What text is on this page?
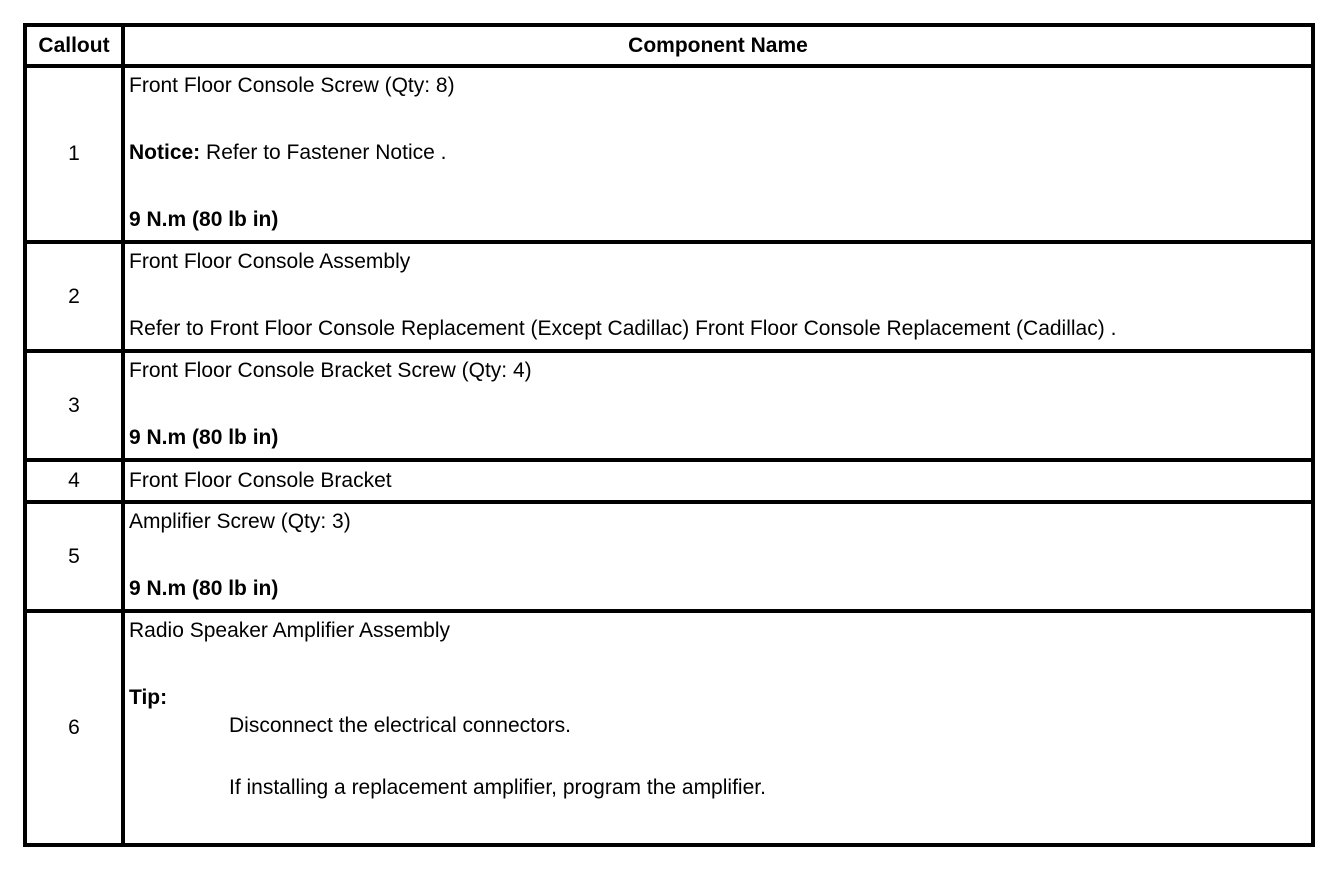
Callout	Component Name
1	Front Floor Console Screw (Qty: 8)
Notice: Refer to Fastener Notice .
9 N.m (80 lb in)

2	Front Floor Console Assembly
Refer to Front Floor Console Replacement (Except Cadillac) Front Floor Console Replacement (Cadillac) .

3	Front Floor Console Bracket Screw (Qty: 4)
9 N.m (80 lb in)

4	Front Floor Console Bracket

5	Amplifier Screw (Qty: 3)
9 N.m (80 lb in)

6	Radio Speaker Amplifier Assembly
Tip:
Disconnect the electrical connectors.
If installing a replacement amplifier, program the amplifier.
